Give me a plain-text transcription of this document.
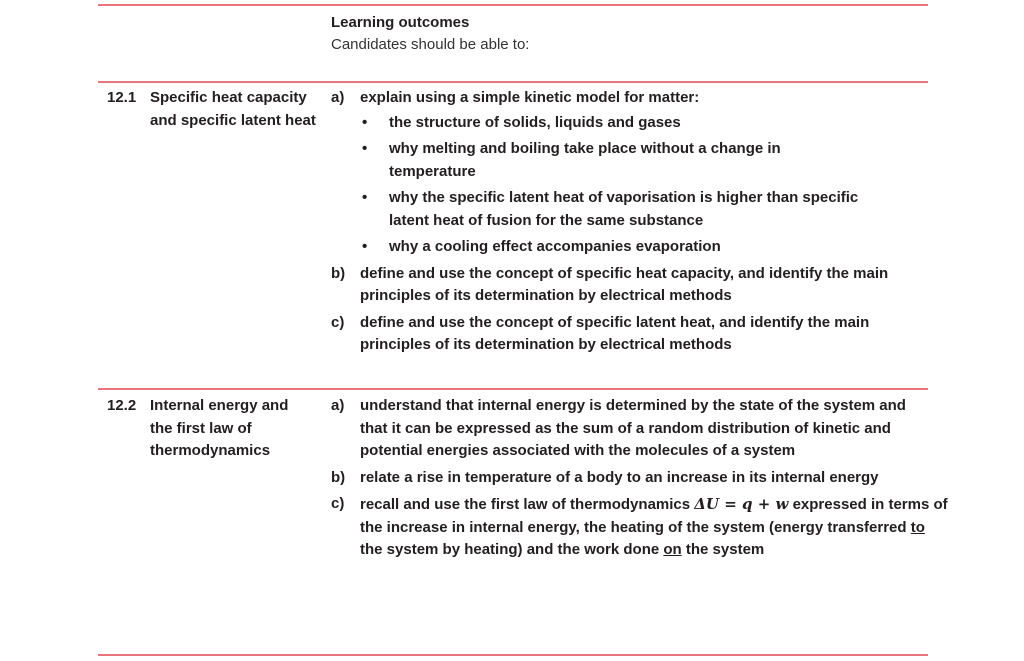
Learning outcomes
Candidates should be able to:
12.1 Specific heat capacity and specific latent heat
a) explain using a simple kinetic model for matter:
• the structure of solids, liquids and gases
• why melting and boiling take place without a change in temperature
• why the specific latent heat of vaporisation is higher than specific latent heat of fusion for the same substance
• why a cooling effect accompanies evaporation
b) define and use the concept of specific heat capacity, and identify the main principles of its determination by electrical methods
c) define and use the concept of specific latent heat, and identify the main principles of its determination by electrical methods
12.2 Internal energy and the first law of thermodynamics
a) understand that internal energy is determined by the state of the system and that it can be expressed as the sum of a random distribution of kinetic and potential energies associated with the molecules of a system
b) relate a rise in temperature of a body to an increase in its internal energy
c) recall and use the first law of thermodynamics ΔU = q + w expressed in terms of the increase in internal energy, the heating of the system (energy transferred to the system by heating) and the work done on the system
